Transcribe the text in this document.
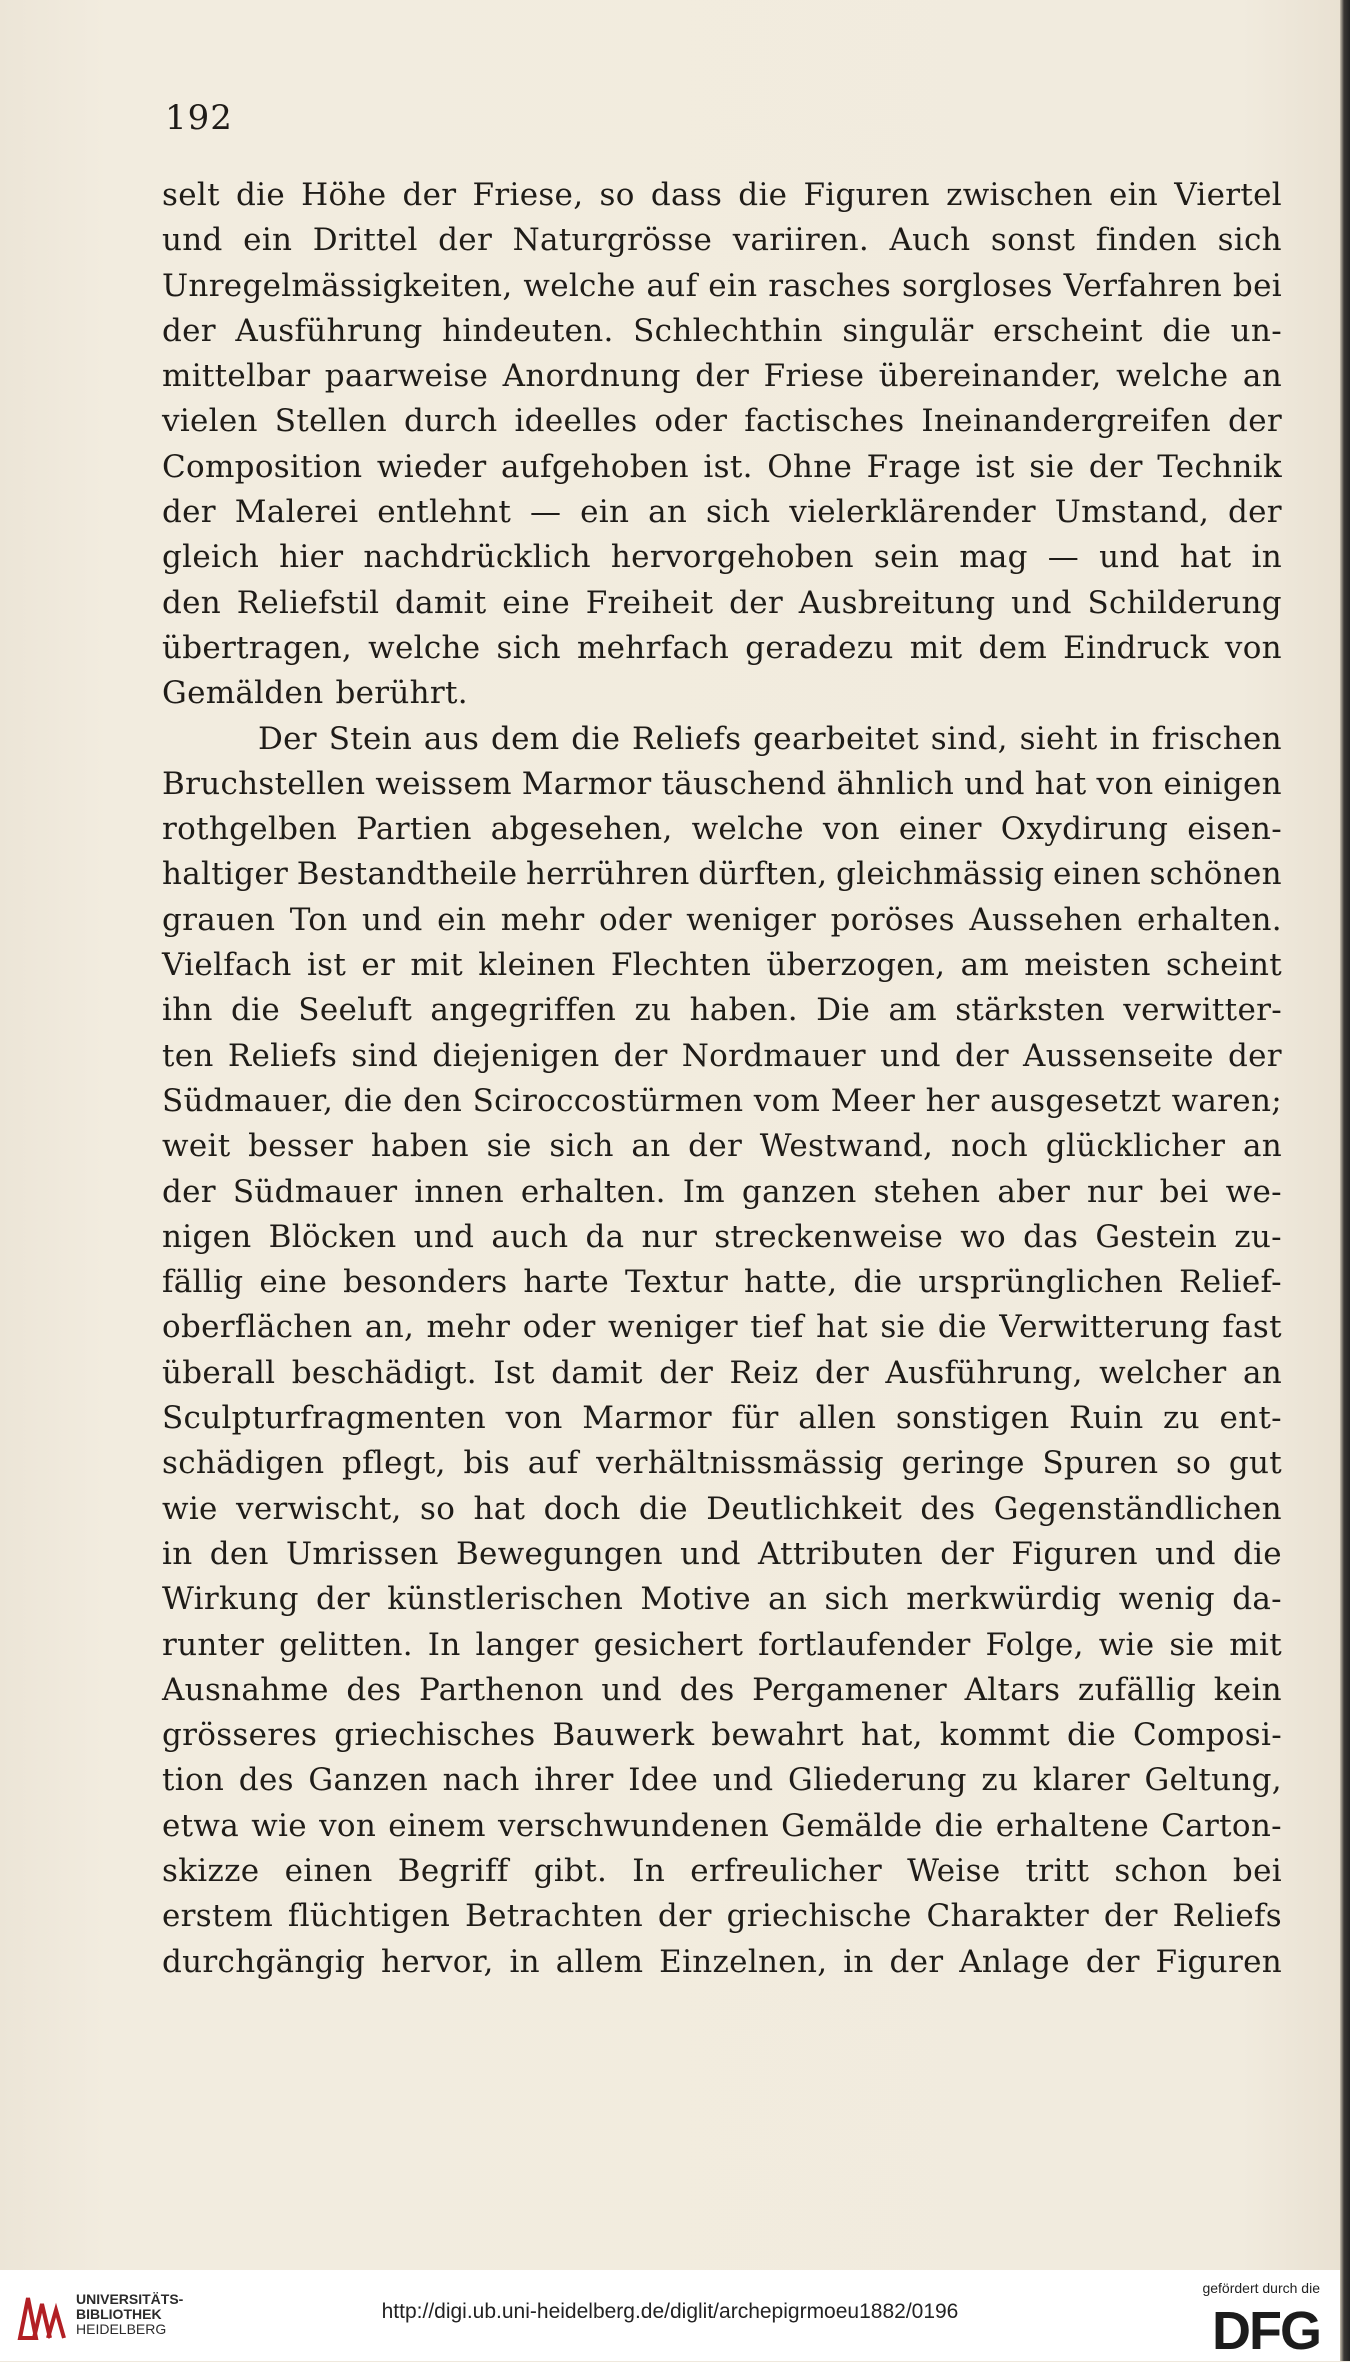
192
selt die Höhe der Friese, so dass die Figuren zwischen ein Viertel
und ein Drittel der Naturgrösse variiren. Auch sonst finden sich
Unregelmässigkeiten, welche auf ein rasches sorgloses Verfahren bei
der Ausführung hindeuten. Schlechthin singulär erscheint die un-
mittelbar paarweise Anordnung der Friese übereinander, welche an
vielen Stellen durch ideelles oder factisches Ineinandergreifen der
Composition wieder aufgehoben ist. Ohne Frage ist sie der Technik
der Malerei entlehnt — ein an sich vielerklärender Umstand, der
gleich hier nachdrücklich hervorgehoben sein mag — und hat in
den Reliefstil damit eine Freiheit der Ausbreitung und Schilderung
übertragen, welche sich mehrfach geradezu mit dem Eindruck von
Gemälden berührt.
Der Stein aus dem die Reliefs gearbeitet sind, sieht in frischen
Bruchstellen weissem Marmor täuschend ähnlich und hat von einigen
rothgelben Partien abgesehen, welche von einer Oxydirung eisen-
haltiger Bestandtheile herrühren dürften, gleichmässig einen schönen
grauen Ton und ein mehr oder weniger poröses Aussehen erhalten.
Vielfach ist er mit kleinen Flechten überzogen, am meisten scheint
ihn die Seeluft angegriffen zu haben. Die am stärksten verwitter-
ten Reliefs sind diejenigen der Nordmauer und der Aussenseite der
Südmauer, die den Sciroccostürmen vom Meer her ausgesetzt waren;
weit besser haben sie sich an der Westwand, noch glücklicher an
der Südmauer innen erhalten. Im ganzen stehen aber nur bei we-
nigen Blöcken und auch da nur streckenweise wo das Gestein zu-
fällig eine besonders harte Textur hatte, die ursprünglichen Relief-
oberflächen an, mehr oder weniger tief hat sie die Verwitterung fast
überall beschädigt. Ist damit der Reiz der Ausführung, welcher an
Sculpturfragmenten von Marmor für allen sonstigen Ruin zu ent-
schädigen pflegt, bis auf verhältnissmässig geringe Spuren so gut
wie verwischt, so hat doch die Deutlichkeit des Gegenständlichen
in den Umrissen Bewegungen und Attributen der Figuren und die
Wirkung der künstlerischen Motive an sich merkwürdig wenig da-
runter gelitten. In langer gesichert fortlaufender Folge, wie sie mit
Ausnahme des Parthenon und des Pergamener Altars zufällig kein
grösseres griechisches Bauwerk bewahrt hat, kommt die Composi-
tion des Ganzen nach ihrer Idee und Gliederung zu klarer Geltung,
etwa wie von einem verschwundenen Gemälde die erhaltene Carton-
skizze einen Begriff gibt. In erfreulicher Weise tritt schon bei
erstem flüchtigen Betrachten der griechische Charakter der Reliefs
durchgängig hervor, in allem Einzelnen, in der Anlage der Figuren
UNIVERSITÄTS-
BIBLIOTHEK
HEIDELBERG
http://digi.ub.uni-heidelberg.de/diglit/archepigrmoeu1882/0196
gefördert durch die
DFG
